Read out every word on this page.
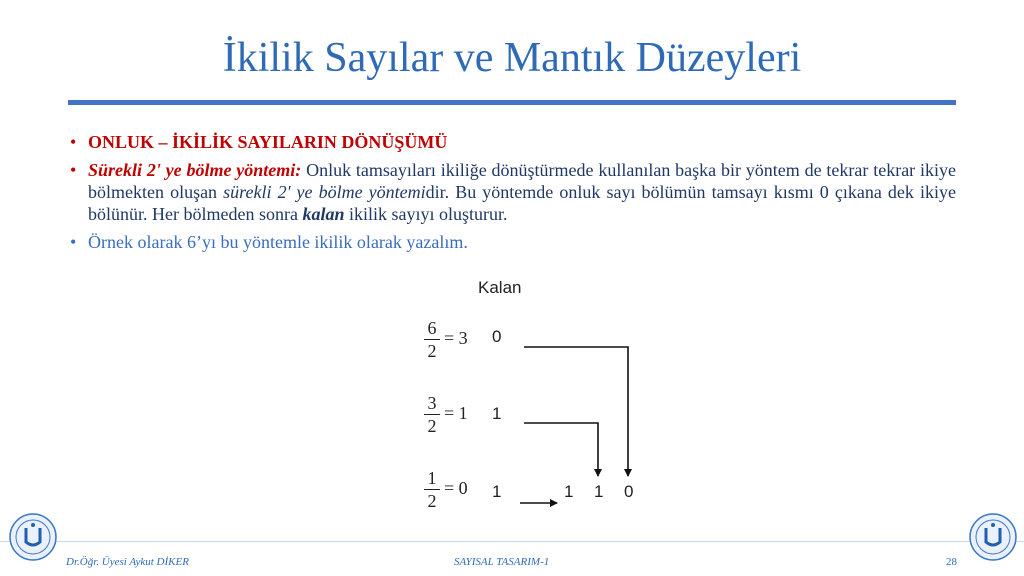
İkilik Sayılar ve Mantık Düzeyleri
• ONLUK – İKİLİK SAYILARIN DÖNÜŞÜMÜ
• Sürekli 2' ye bölme yöntemi: Onluk tamsayıları ikiliğe dönüştürmede kullanılan başka bir yöntem de tekrar tekrar ikiye bölmekten oluşan sürekli 2' ye bölme yöntemidir. Bu yöntemde onluk sayı bölümün tamsayı kısmı 0 çıkana dek ikiye bölünür. Her bölmeden sonra kalan ikilik sayıyı oluşturur.
• Örnek olarak 6’yı bu yöntemle ikilik olarak yazalım.
Kalan
6
2
= 3 0
3
2
= 1 1
1
2
= 0 1	1 1 0
Dr.Öğr. Üyesi Aykut DİKER	SAYISAL TASARIM-1	28
